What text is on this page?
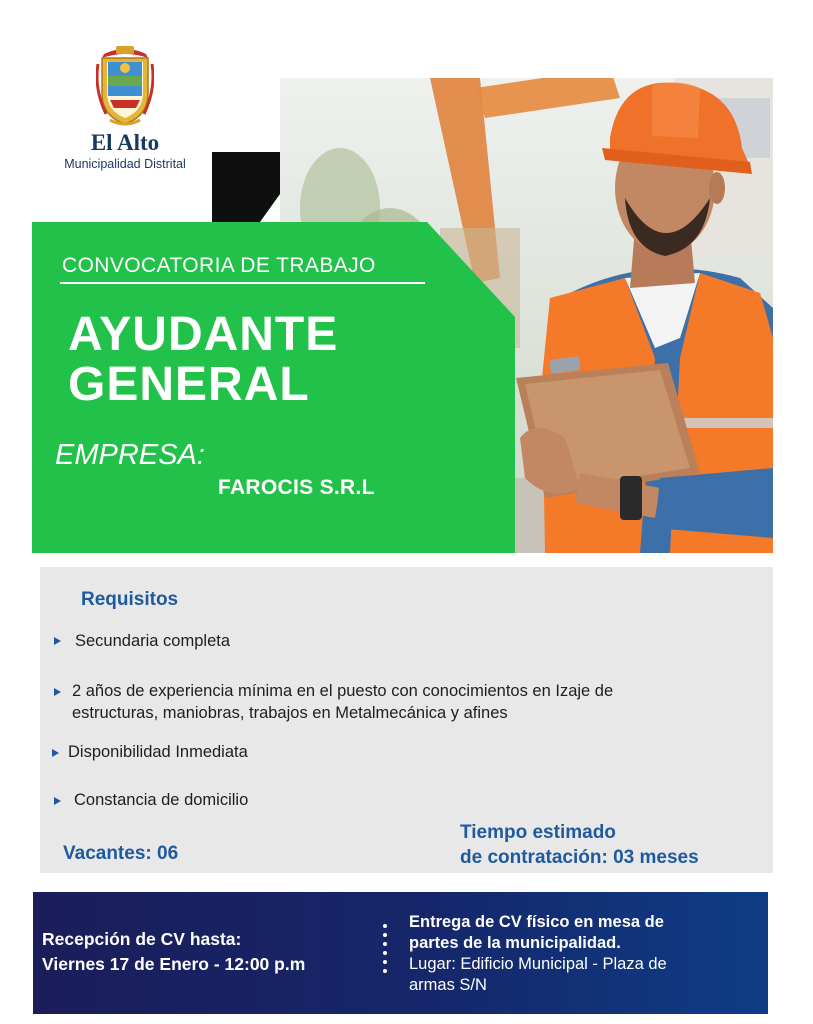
El Alto
Municipalidad Distrital
CONVOCATORIA DE TRABAJO
AYUDANTE
GENERAL
EMPRESA:
FAROCIS S.R.L
Requisitos
Secundaria completa
2 años de experiencia mínima en el puesto con conocimientos en Izaje de
estructuras, maniobras, trabajos en Metalmecánica y afines
Disponibilidad Inmediata
Constancia de domicilio
Vacantes: 06
Tiempo estimado
de contratación: 03 meses
Recepción de CV hasta:
Viernes 17 de Enero - 12:00 p.m
Entrega de CV físico en mesa de
partes de la municipalidad.
Lugar: Edificio Municipal - Plaza de
armas S/N
